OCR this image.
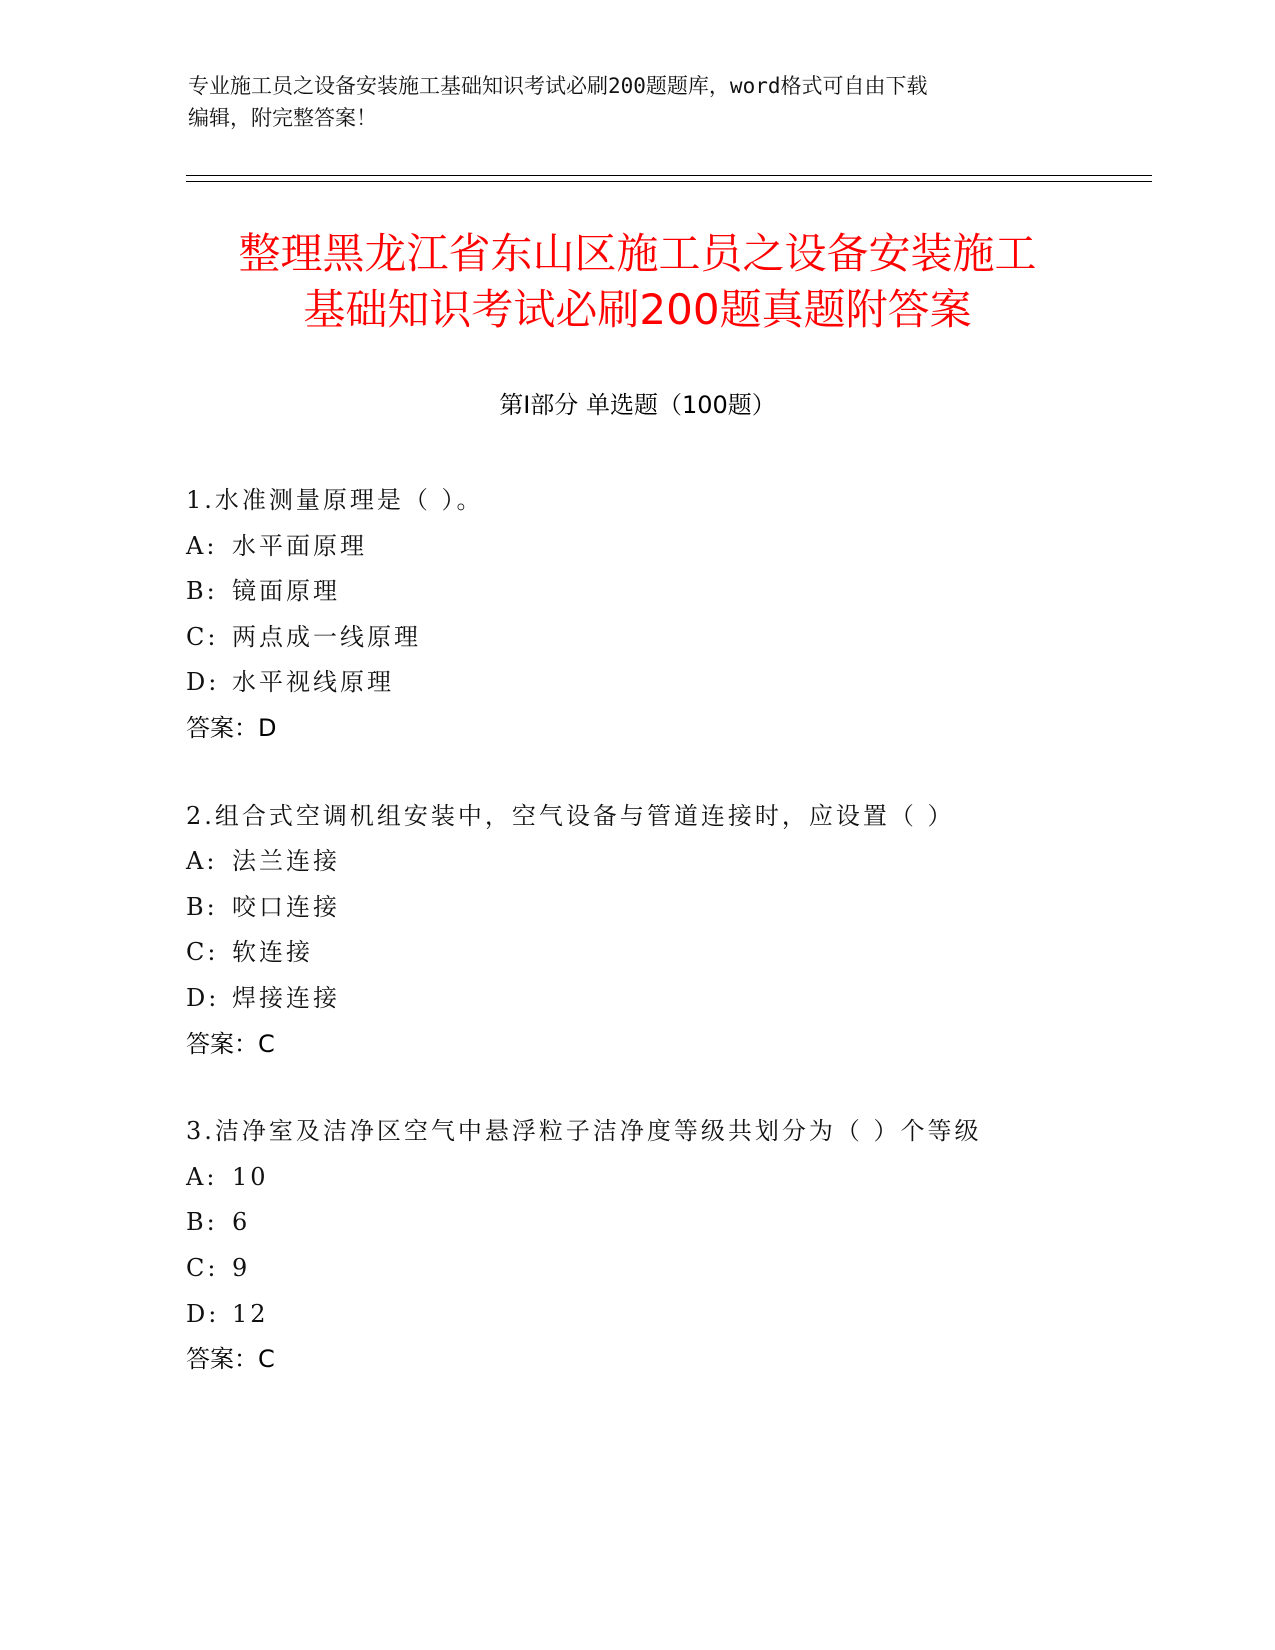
专业施工员之设备安装施工基础知识考试必刷200题题库，word格式可自由下载
编辑，附完整答案！
整理黑龙江省东山区施工员之设备安装施工
基础知识考试必刷200题真题附答案
第Ⅰ部分 单选题（100题）
1.水准测量原理是（ ）。
A: 水平面原理
B: 镜面原理
C: 两点成一线原理
D: 水平视线原理
答案：D
2.组合式空调机组安装中，空气设备与管道连接时，应设置（ ）
A: 法兰连接
B: 咬口连接
C: 软连接
D: 焊接连接
答案：C
3.洁净室及洁净区空气中悬浮粒子洁净度等级共划分为（ ）个等级
A: 10
B: 6
C: 9
D: 12
答案：C
